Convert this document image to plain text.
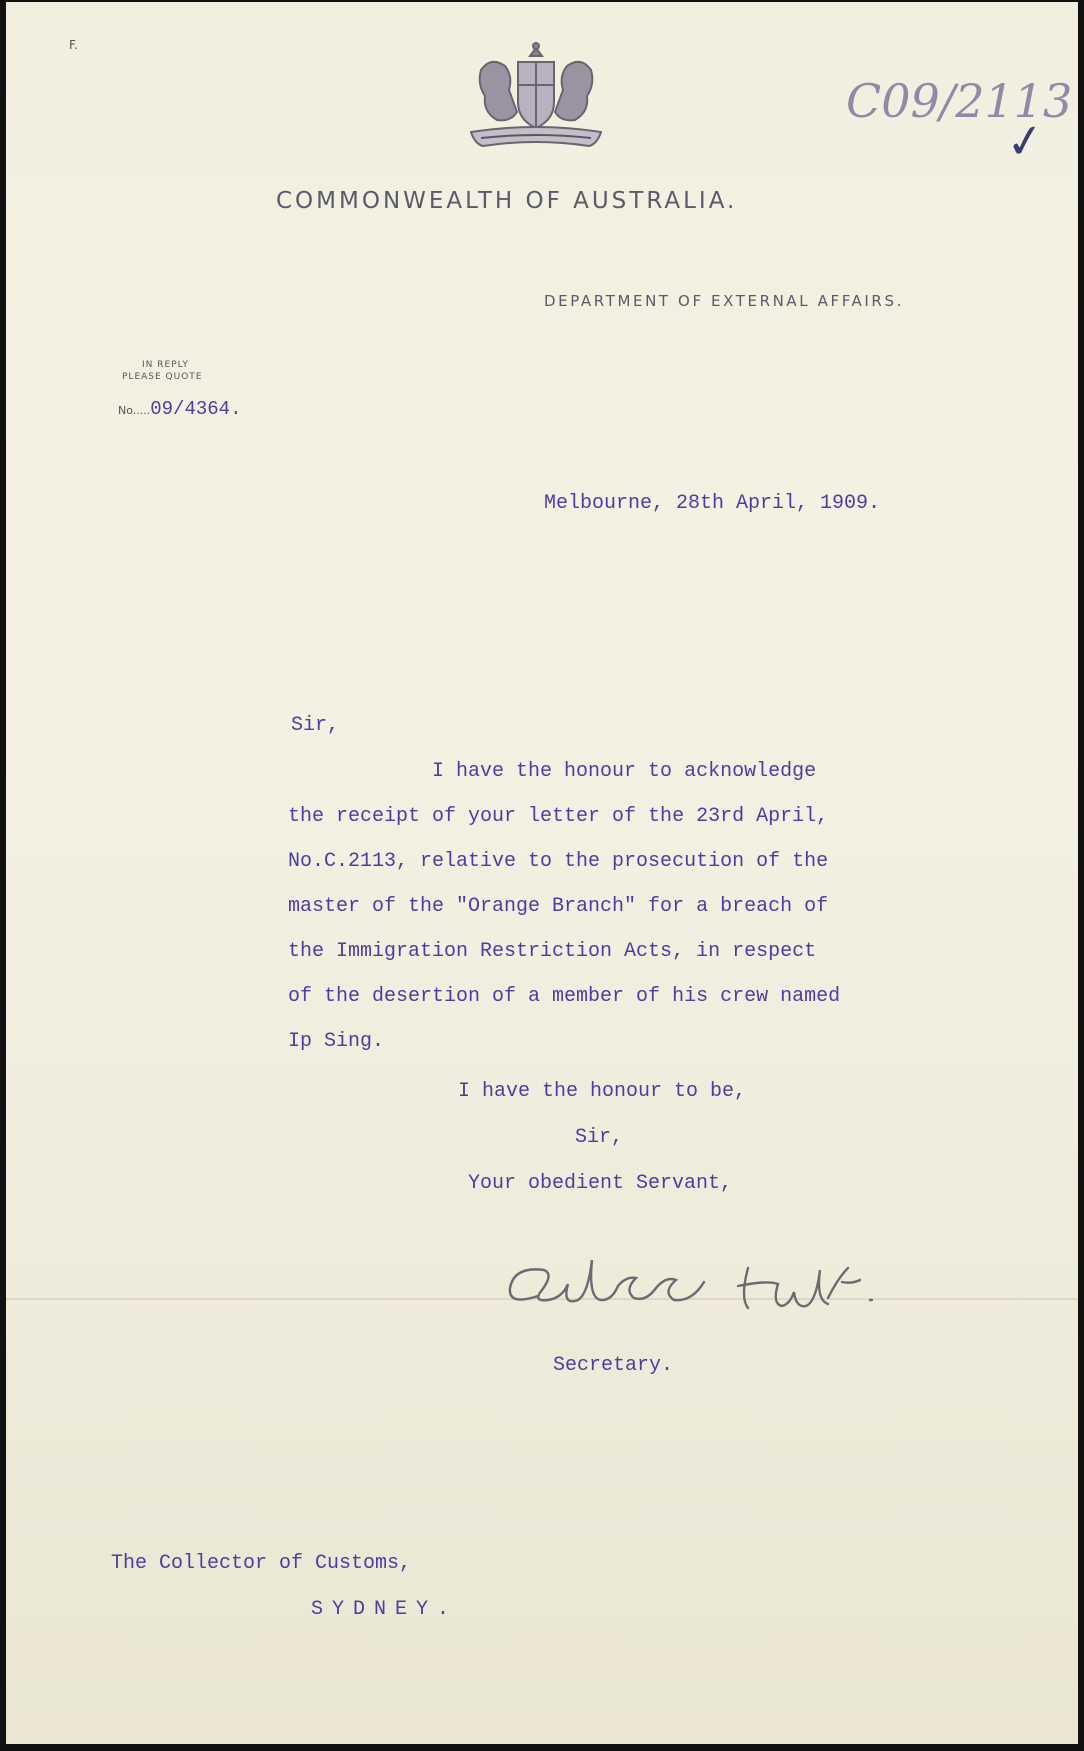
F.
C09/2113
✓
COMMONWEALTH OF AUSTRALIA.
DEPARTMENT OF EXTERNAL AFFAIRS.
IN REPLY
PLEASE QUOTE
No.....09/4364.
Melbourne, 28th April, 1909.
Sir,
I have the honour to acknowledge
the receipt of your letter of the 23rd April,
No.C.2113, relative to the prosecution of the
master of the "Orange Branch" for a breach of
the Immigration Restriction Acts, in respect
of the desertion of a member of his crew named
Ip Sing.
I have the honour to be,
Sir,
Your obedient Servant,
Secretary.
The Collector of Customs,
SYDNEY.
